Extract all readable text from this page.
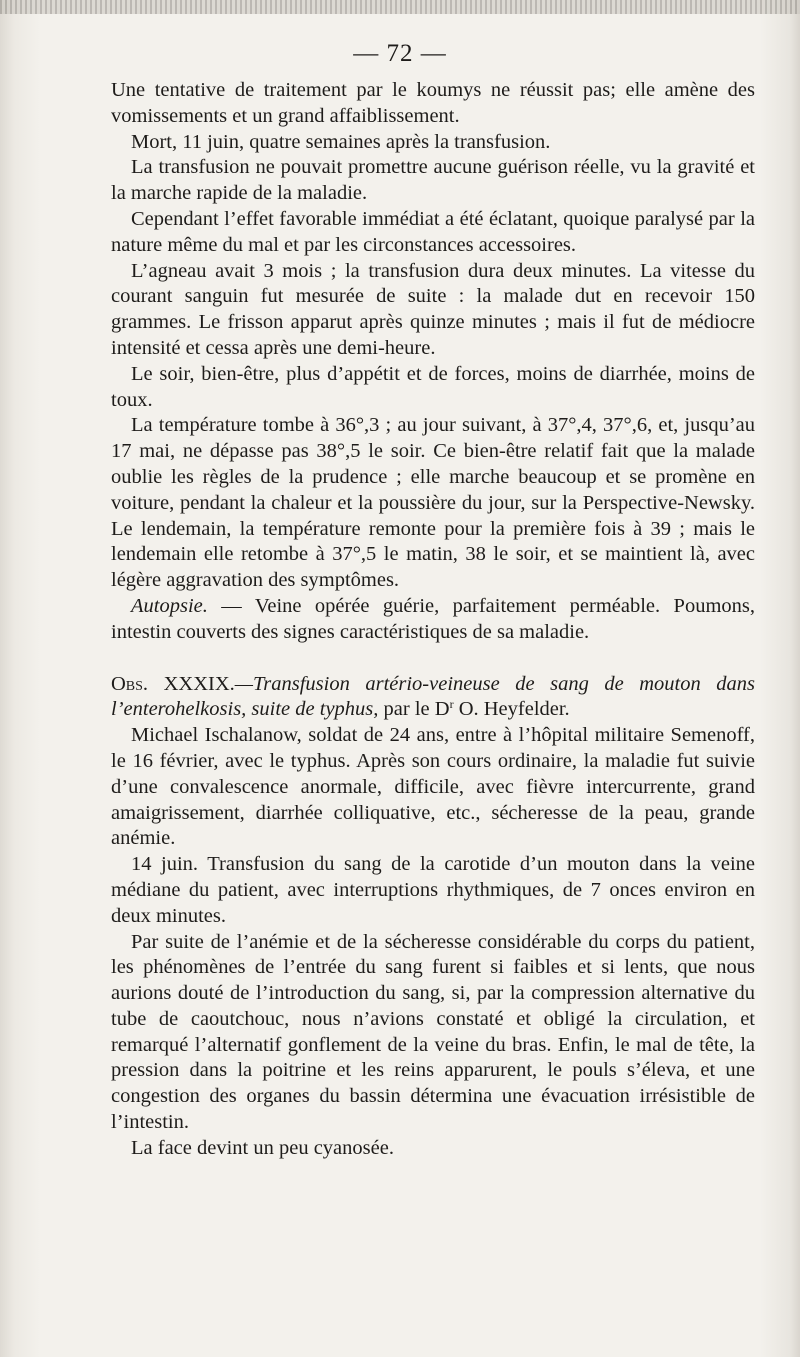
— 72 —

Une tentative de traitement par le koumys ne réussit pas; elle amène des vomissements et un grand affaiblissement.

Mort, 11 juin, quatre semaines après la transfusion.

La transfusion ne pouvait promettre aucune guérison réelle, vu la gravité et la marche rapide de la maladie.

Cependant l’effet favorable immédiat a été éclatant, quoique paralysé par la nature même du mal et par les circonstances accessoires.

L’agneau avait 3 mois ; la transfusion dura deux minutes. La vitesse du courant sanguin fut mesurée de suite : la malade dut en recevoir 150 grammes. Le frisson apparut après quinze minutes ; mais il fut de médiocre intensité et cessa après une demi-heure.

Le soir, bien-être, plus d’appétit et de forces, moins de diarrhée, moins de toux.

La température tombe à 36°,3 ; au jour suivant, à 37°,4, 37°,6, et, jusqu’au 17 mai, ne dépasse pas 38°,5 le soir. Ce bien-être relatif fait que la malade oublie les règles de la prudence ; elle marche beaucoup et se promène en voiture, pendant la chaleur et la poussière du jour, sur la Perspective-Newsky. Le lendemain, la température remonte pour la première fois à 39 ; mais le lendemain elle retombe à 37°,5 le matin, 38 le soir, et se maintient là, avec légère aggravation des symptômes.

Autopsie. — Veine opérée guérie, parfaitement perméable. Poumons, intestin couverts des signes caractéristiques de sa maladie.

Obs. XXXIX.—Transfusion artério-veineuse de sang de mouton dans l’enterohelkosis, suite de typhus, par le $D^r$ O. Heyfelder.

Michael Ischalanow, soldat de 24 ans, entre à l’hôpital militaire Semenoff, le 16 février, avec le typhus. Après son cours ordinaire, la maladie fut suivie d’une convalescence anormale, difficile, avec fièvre intercurrente, grand amaigrissement, diarrhée colliquative, etc., sécheresse de la peau, grande anémie.

14 juin. Transfusion du sang de la carotide d’un mouton dans la veine médiane du patient, avec interruptions rhythmiques, de 7 onces environ en deux minutes.

Par suite de l’anémie et de la sécheresse considérable du corps du patient, les phénomènes de l’entrée du sang furent si faibles et si lents, que nous aurions douté de l’introduction du sang, si, par la compression alternative du tube de caoutchouc, nous n’avions constaté et obligé la circulation, et remarqué l’alternatif gonflement de la veine du bras. Enfin, le mal de tête, la pression dans la poitrine et les reins apparurent, le pouls s’éleva, et une congestion des organes du bassin détermina une évacuation irrésistible de l’intestin.

La face devint un peu cyanosée.
